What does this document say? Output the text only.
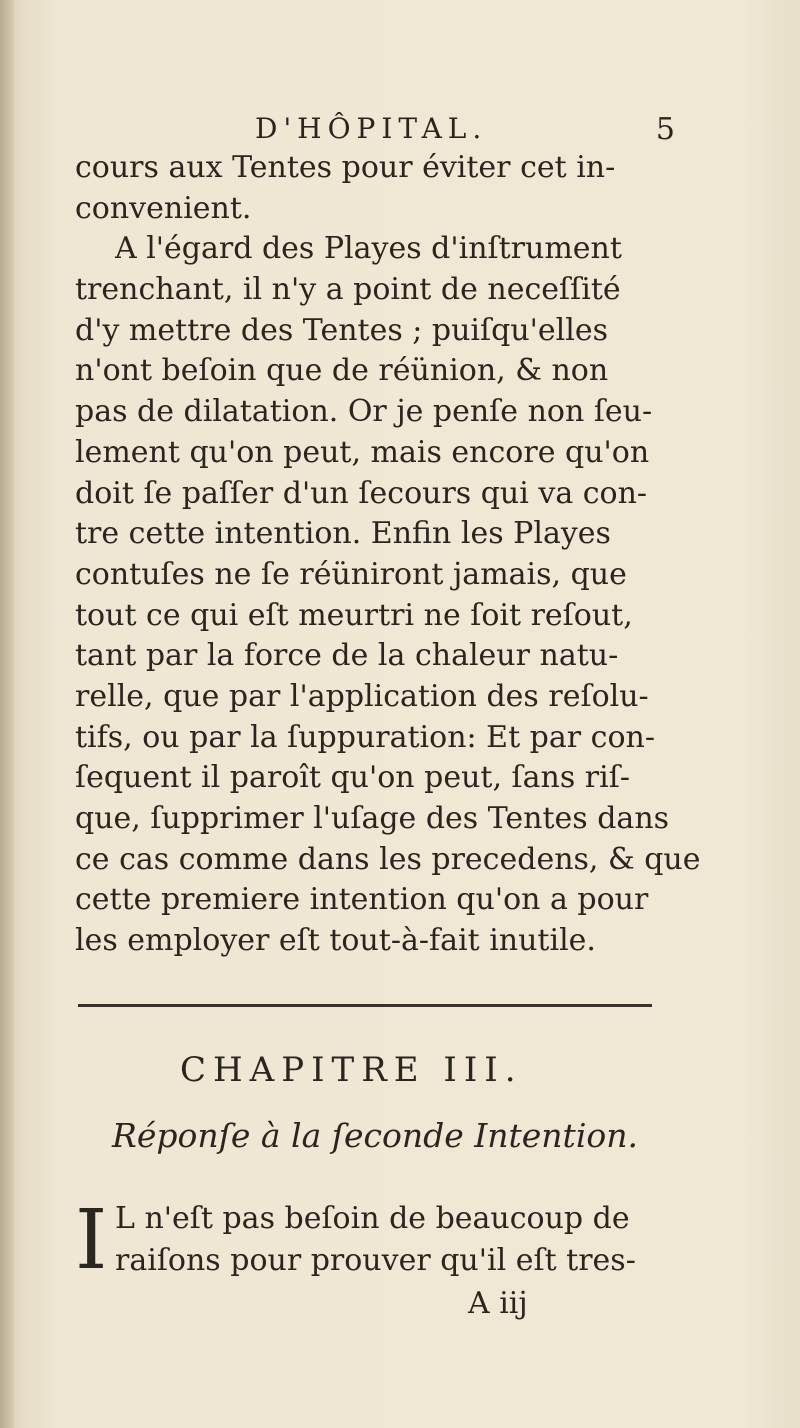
D'HÔPITAL.	5
cours aux Tentes pour éviter cet in-
convenient.
A l'égard des Playes d'inſtrument
trenchant, il n'y a point de neceſſité
d'y mettre des Tentes ; puiſqu'elles
n'ont beſoin que de réünion, & non
pas de dilatation. Or je penſe non ſeu-
lement qu'on peut, mais encore qu'on
doit ſe paſſer d'un ſecours qui va con-
tre cette intention. Enfin les Playes
contuſes ne ſe réüniront jamais, que
tout ce qui eſt meurtri ne ſoit reſout,
tant par la force de la chaleur natu-
relle, que par l'application des reſolu-
tifs, ou par la ſuppuration: Et par con-
ſequent il paroît qu'on peut, ſans riſ-
que, ſupprimer l'uſage des Tentes dans
ce cas comme dans les precedens, & que
cette premiere intention qu'on a pour
les employer eſt tout-à-fait inutile.
CHAPITRE III.
Réponſe à la ſeconde Intention.
I L n'eſt pas beſoin de beaucoup de
raiſons pour prouver qu'il eſt tres-
A iij
